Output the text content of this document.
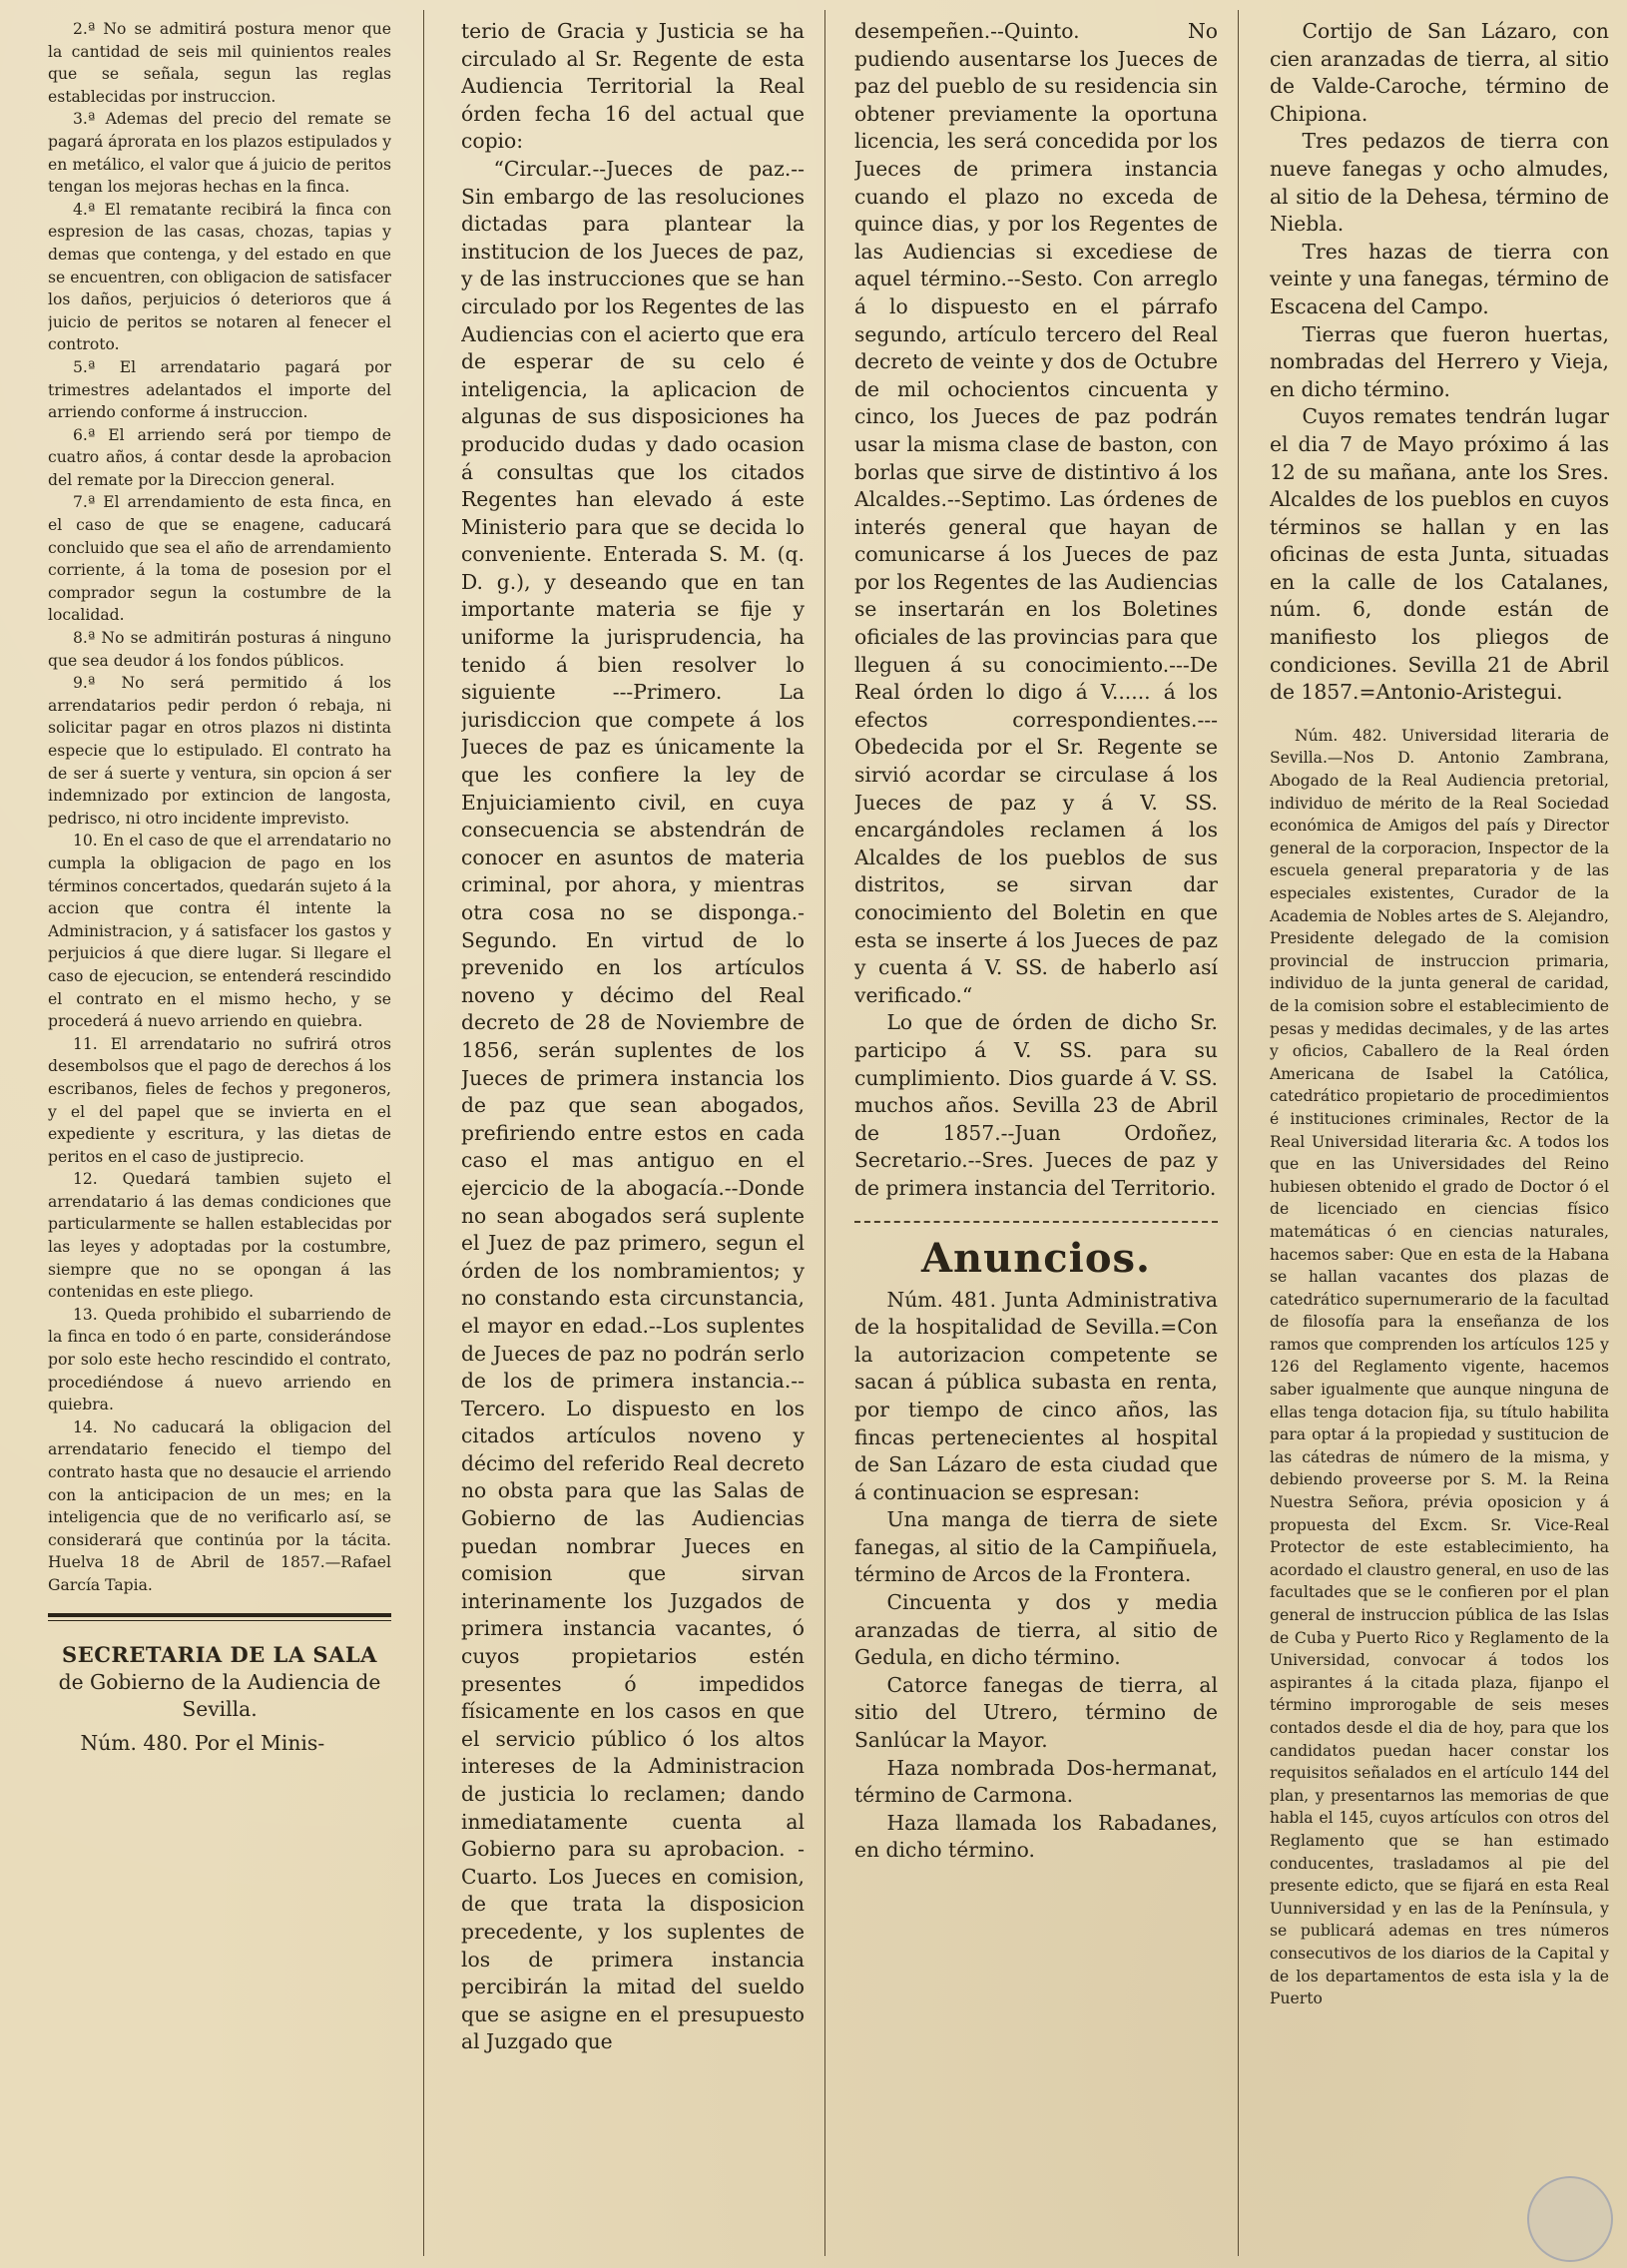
2.ª No se admitirá postura menor que la cantidad de seis mil quinientos reales que se señala, segun las reglas establecidas por instruccion.

3.ª Ademas del precio del remate se pagará áprorata en los plazos estipulados y en metálico, el valor que á juicio de peritos tengan los mejoras hechas en la finca.

4.ª El rematante recibirá la finca con espresion de las casas, chozas, tapias y demas que contenga, y del estado en que se encuentren, con obligacion de satisfacer los daños, perjuicios ó deterioros que á juicio de peritos se notaren al fenecer el controto.

5.ª El arrendatario pagará por trimestres adelantados el importe del arriendo conforme á instruccion.

6.ª El arriendo será por tiempo de cuatro años, á contar desde la aprobacion del remate por la Direccion general.

7.ª El arrendamiento de esta finca, en el caso de que se enagene, caducará concluido que sea el año de arrendamiento corriente, á la toma de posesion por el comprador segun la costumbre de la localidad.

8.ª No se admitirán posturas á ninguno que sea deudor á los fondos públicos.

9.ª No será permitido á los arrendatarios pedir perdon ó rebaja, ni solicitar pagar en otros plazos ni distinta especie que lo estipulado. El contrato ha de ser á suerte y ventura, sin opcion á ser indemnizado por extincion de langosta, pedrisco, ni otro incidente imprevisto.

10. En el caso de que el arrendatario no cumpla la obligacion de pago en los términos concertados, quedarán sujeto á la accion que contra él intente la Administracion, y á satisfacer los gastos y perjuicios á que diere lugar. Si llegare el caso de ejecucion, se entenderá rescindido el contrato en el mismo hecho, y se procederá á nuevo arriendo en quiebra.

11. El arrendatario no sufrirá otros desembolsos que el pago de derechos á los escribanos, fieles de fechos y pregoneros, y el del papel que se invierta en el expediente y escritura, y las dietas de peritos en el caso de justiprecio.

12. Quedará tambien sujeto el arrendatario á las demas condiciones que particularmente se hallen establecidas por las leyes y adoptadas por la costumbre, siempre que no se opongan á las contenidas en este pliego.

13. Queda prohibido el subarriendo de la finca en todo ó en parte, considerándose por solo este hecho rescindido el contrato, procediéndose á nuevo arriendo en quiebra.

14. No caducará la obligacion del arrendatario fenecido el tiempo del contrato hasta que no desaucie el arriendo con la anticipacion de un mes; en la inteligencia que de no verificarlo así, se considerará que continúa por la tácita. Huelva 18 de Abril de 1857.—Rafael García Tapia.

SECRETARIA DE LA SALA
de Gobierno de la Audiencia de Sevilla.

Núm. 480. Por el Minis-

terio de Gracia y Justicia se ha circulado al Sr. Regente de esta Audiencia Territorial la Real órden fecha 16 del actual que copio:

“Circular.--Jueces de paz.-- Sin embargo de las resoluciones dictadas para plantear la institucion de los Jueces de paz, y de las instrucciones que se han circulado por los Regentes de las Audiencias con el acierto que era de esperar de su celo é inteligencia, la aplicacion de algunas de sus disposiciones ha producido dudas y dado ocasion á consultas que los citados Regentes han elevado á este Ministerio para que se decida lo conveniente. Enterada S. M. (q. D. g.), y deseando que en tan importante materia se fije y uniforme la jurisprudencia, ha tenido á bien resolver lo siguiente ---Primero. La jurisdiccion que compete á los Jueces de paz es únicamente la que les confiere la ley de Enjuiciamiento civil, en cuya consecuencia se abstendrán de conocer en asuntos de materia criminal, por ahora, y mientras otra cosa no se disponga.- Segundo. En virtud de lo prevenido en los artículos noveno y décimo del Real decreto de 28 de Noviembre de 1856, serán suplentes de los Jueces de primera instancia los de paz que sean abogados, prefiriendo entre estos en cada caso el mas antiguo en el ejercicio de la abogacía.--Donde no sean abogados será suplente el Juez de paz primero, segun el órden de los nombramientos; y no constando esta circunstancia, el mayor en edad.--Los suplentes de Jueces de paz no podrán serlo de los de primera instancia.--Tercero. Lo dispuesto en los citados artículos noveno y décimo del referido Real decreto no obsta para que las Salas de Gobierno de las Audiencias puedan nombrar Jueces en comision que sirvan interinamente los Juzgados de primera instancia vacantes, ó cuyos propietarios estén presentes ó impedidos físicamente en los casos en que el servicio público ó los altos intereses de la Administracion de justicia lo reclamen; dando inmediatamente cuenta al Gobierno para su aprobacion. -Cuarto. Los Jueces en comision, de que trata la disposicion precedente, y los suplentes de los de primera instancia percibirán la mitad del sueldo que se asigne en el presupuesto al Juzgado que

desempeñen.--Quinto. No pudiendo ausentarse los Jueces de paz del pueblo de su residencia sin obtener previamente la oportuna licencia, les será concedida por los Jueces de primera instancia cuando el plazo no exceda de quince dias, y por los Regentes de las Audiencias si excediese de aquel término.--Sesto. Con arreglo á lo dispuesto en el párrafo segundo, artículo tercero del Real decreto de veinte y dos de Octubre de mil ochocientos cincuenta y cinco, los Jueces de paz podrán usar la misma clase de baston, con borlas que sirve de distintivo á los Alcaldes.--Septimo. Las órdenes de interés general que hayan de comunicarse á los Jueces de paz por los Regentes de las Audiencias se insertarán en los Boletines oficiales de las provincias para que lleguen á su conocimiento.---De Real órden lo digo á V...... á los efectos correspondientes.--- Obedecida por el Sr. Regente se sirvió acordar se circulase á los Jueces de paz y á V. SS. encargándoles reclamen á los Alcaldes de los pueblos de sus distritos, se sirvan dar conocimiento del Boletin en que esta se inserte á los Jueces de paz y cuenta á V. SS. de haberlo así verificado.“

Lo que de órden de dicho Sr. participo á V. SS. para su cumplimiento. Dios guarde á V. SS. muchos años. Sevilla 23 de Abril de 1857.--Juan Ordoñez, Secretario.--Sres. Jueces de paz y de primera instancia del Territorio.

Anuncios.

Núm. 481. Junta Administrativa de la hospitalidad de Sevilla.=Con la autorizacion competente se sacan á pública subasta en renta, por tiempo de cinco años, las fincas pertenecientes al hospital de San Lázaro de esta ciudad que á continuacion se espresan:

Una manga de tierra de siete fanegas, al sitio de la Campiñuela, término de Arcos de la Frontera.

Cincuenta y dos y media aranzadas de tierra, al sitio de Gedula, en dicho término.

Catorce fanegas de tierra, al sitio del Utrero, término de Sanlúcar la Mayor.

Haza nombrada Dos-hermanat, término de Carmona.

Haza llamada los Rabadanes, en dicho término.

Cortijo de San Lázaro, con cien aranzadas de tierra, al sitio de Valde-Caroche, término de Chipiona.

Tres pedazos de tierra con nueve fanegas y ocho almudes, al sitio de la Dehesa, término de Niebla.

Tres hazas de tierra con veinte y una fanegas, término de Escacena del Campo.

Tierras que fueron huertas, nombradas del Herrero y Vieja, en dicho término.

Cuyos remates tendrán lugar el dia 7 de Mayo próximo á las 12 de su mañana, ante los Sres. Alcaldes de los pueblos en cuyos términos se hallan y en las oficinas de esta Junta, situadas en la calle de los Catalanes, núm. 6, donde están de manifiesto los pliegos de condiciones. Sevilla 21 de Abril de 1857.=Antonio-Aristegui.

Núm. 482. Universidad literaria de Sevilla.—Nos D. Antonio Zambrana, Abogado de la Real Audiencia pretorial, individuo de mérito de la Real Sociedad económica de Amigos del país y Director general de la corporacion, Inspector de la escuela general preparatoria y de las especiales existentes, Curador de la Academia de Nobles artes de S. Alejandro, Presidente delegado de la comision provincial de instruccion primaria, individuo de la junta general de caridad, de la comision sobre el establecimiento de pesas y medidas decimales, y de las artes y oficios, Caballero de la Real órden Americana de Isabel la Católica, catedrático propietario de procedimientos é instituciones criminales, Rector de la Real Universidad literaria &c. A todos los que en las Universidades del Reino hubiesen obtenido el grado de Doctor ó el de licenciado en ciencias físico matemáticas ó en ciencias naturales, hacemos saber: Que en esta de la Habana se hallan vacantes dos plazas de catedrático supernumerario de la facultad de filosofía para la enseñanza de los ramos que comprenden los artículos 125 y 126 del Reglamento vigente, hacemos saber igualmente que aunque ninguna de ellas tenga dotacion fija, su título habilita para optar á la propiedad y sustitucion de las cátedras de número de la misma, y debiendo proveerse por S. M. la Reina Nuestra Señora, prévia oposicion y á propuesta del Excm. Sr. Vice-Real Protector de este establecimiento, ha acordado el claustro general, en uso de las facultades que se le confieren por el plan general de instruccion pública de las Islas de Cuba y Puerto Rico y Reglamento de la Universidad, convocar á todos los aspirantes á la citada plaza, fijanpo el término improrogable de seis meses contados desde el dia de hoy, para que los candidatos puedan hacer constar los requisitos señalados en el artículo 144 del plan, y presentarnos las memorias de que habla el 145, cuyos artículos con otros del Reglamento que se han estimado conducentes, trasladamos al pie del presente edicto, que se fijará en esta Real Uunniversidad y en las de la Península, y se publicará ademas en tres números consecutivos de los diarios de la Capital y de los departamentos de esta isla y la de Puerto
